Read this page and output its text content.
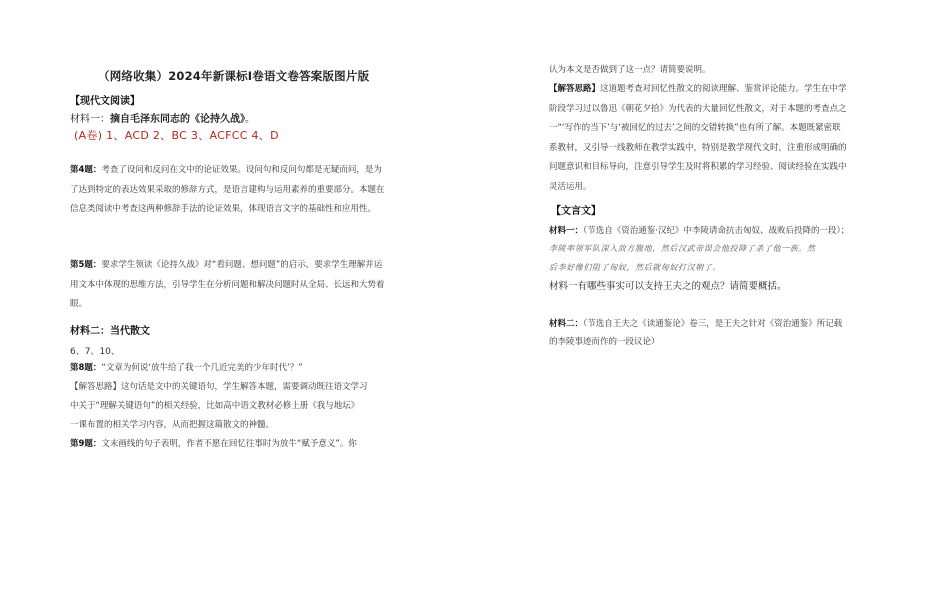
（网络收集）2024年新课标Ⅰ卷语文卷答案版图片版
【现代文阅读】
材料一：摘自毛泽东同志的《论持久战》。
(A卷) 1、ACD 2、BC 3、ACFCC 4、D
第4题：考查了设问和反问在文中的论证效果。设问句和反问句都是无疑而问，是为了达到特定的表达效果采取的修辞方式，是语言建构与运用素养的重要部分。本题在信息类阅读中考查这两种修辞手法的论证效果，体现语言文字的基础性和应用性。
第5题：要求学生领读《论持久战》对“看问题、想问题”的启示，要求学生理解并运用文本中体现的思维方法，引导学生在分析问题和解决问题时从全局、长远和大势着眼。
材料二：当代散文
6、7、10、
第8题：“文章为何说‘放牛给了我一个几近完美的少年时代’？”
【解答思路】这句话是文中的关键语句，学生解答本题，需要调动既往语文学习
中关于“理解关键语句”的相关经验，比如高中语文教材必修上册《我与地坛》
一课布置的相关学习内容，从而把握这篇散文的神髓。
第9题：文末画线的句子表明，作者不愿在回忆往事时为放牛“赋予意义”。你
认为本文是否做到了这一点？请简要说明。
【解答思路】这道题考查对回忆性散文的阅读理解、鉴赏评论能力。学生在中学阶段学习过以鲁迅《朝花夕拾》为代表的大量回忆性散文，对于本题的考查点之一“‘写作的当下’与‘被回忆的过去’之间的交错转换”也有所了解。本题既紧密联系教材，又引导一线教师在教学实践中，特别是教学现代文时，注重形成明确的问题意识和目标导向，注意引导学生及时将积累的学习经验、阅读经验在实践中灵活运用。
【文言文】
材料一：（节选自《资治通鉴·汉纪》中李陵请命抗击匈奴、战败后投降的一段）；
李陵率领军队深入敌方腹地，然后汉武帝误会他投降了杀了他一族。然
后李好像们阻了匈奴，然后就匈奴打汉朝了。
材料一有哪些事实可以支持王夫之的观点？请简要概括。
材料二：（节选自王夫之《读通鉴论》卷三，是王夫之针对《资治通鉴》所记载
的李陵事迹而作的一段议论）
